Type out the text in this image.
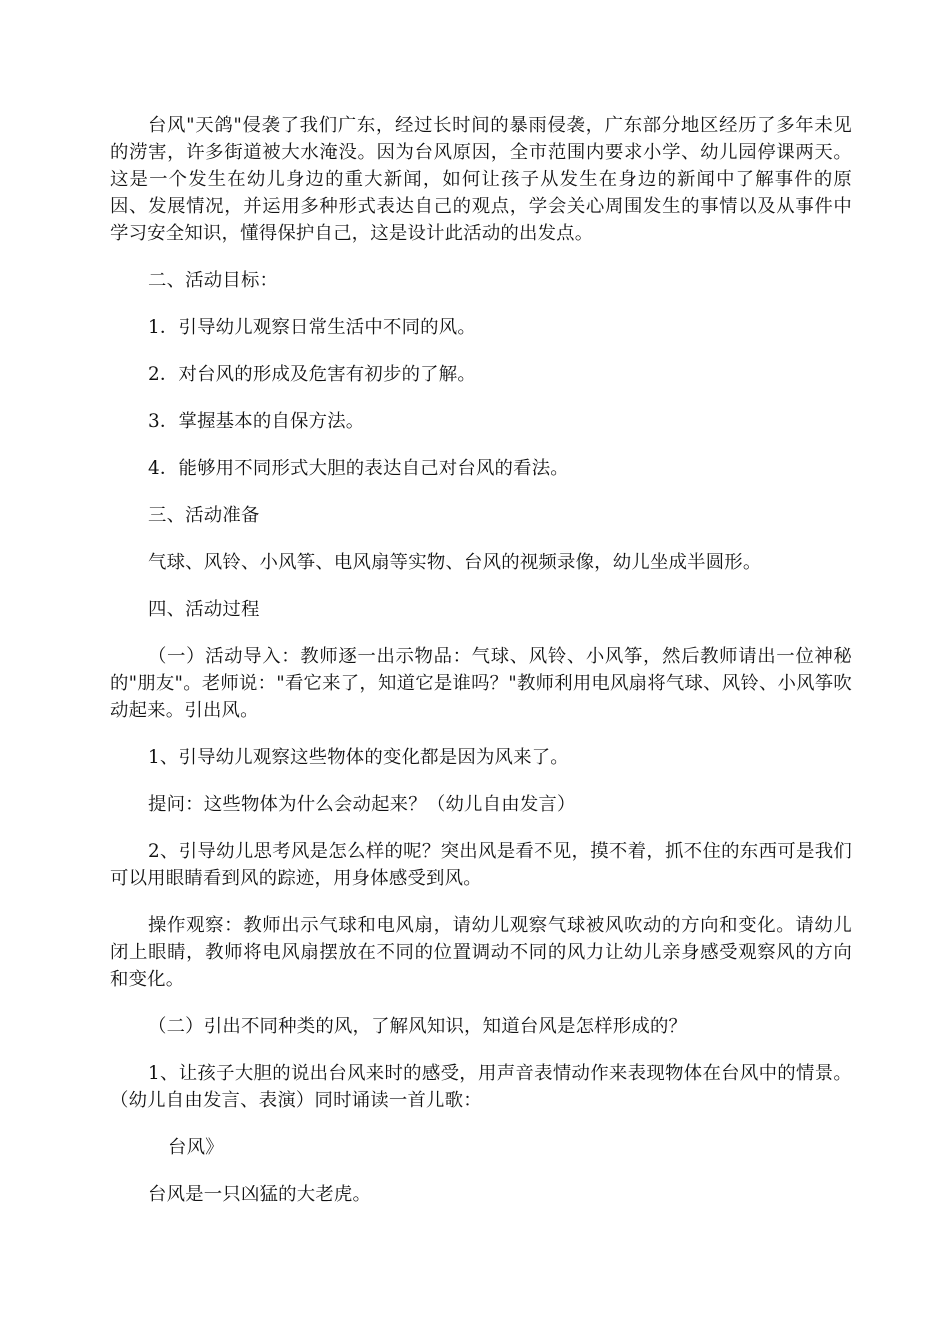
台风"天鸽"侵袭了我们广东，经过长时间的暴雨侵袭，广东部分地区经历了多年未见的涝害，许多街道被大水淹没。因为台风原因，全市范围内要求小学、幼儿园停课两天。这是一个发生在幼儿身边的重大新闻，如何让孩子从发生在身边的新闻中了解事件的原因、发展情况，并运用多种形式表达自己的观点，学会关心周围发生的事情以及从事件中学习安全知识，懂得保护自己，这是设计此活动的出发点。

二、活动目标：

1．引导幼儿观察日常生活中不同的风。

2．对台风的形成及危害有初步的了解。

3．掌握基本的自保方法。

4．能够用不同形式大胆的表达自己对台风的看法。

三、活动准备

气球、风铃、小风筝、电风扇等实物、台风的视频录像，幼儿坐成半圆形。

四、活动过程

（一）活动导入：教师逐一出示物品：气球、风铃、小风筝，然后教师请出一位神秘的"朋友"。老师说："看它来了，知道它是谁吗？"教师利用电风扇将气球、风铃、小风筝吹动起来。引出风。

1、引导幼儿观察这些物体的变化都是因为风来了。

提问：这些物体为什么会动起来？（幼儿自由发言）

2、引导幼儿思考风是怎么样的呢？突出风是看不见，摸不着，抓不住的东西可是我们可以用眼睛看到风的踪迹，用身体感受到风。

操作观察：教师出示气球和电风扇，请幼儿观察气球被风吹动的方向和变化。请幼儿闭上眼睛，教师将电风扇摆放在不同的位置调动不同的风力让幼儿亲身感受观察风的方向和变化。

（二）引出不同种类的风，了解风知识，知道台风是怎样形成的？

1、让孩子大胆的说出台风来时的感受，用声音表情动作来表现物体在台风中的情景。（幼儿自由发言、表演）同时诵读一首儿歌：

台风》

台风是一只凶猛的大老虎。
